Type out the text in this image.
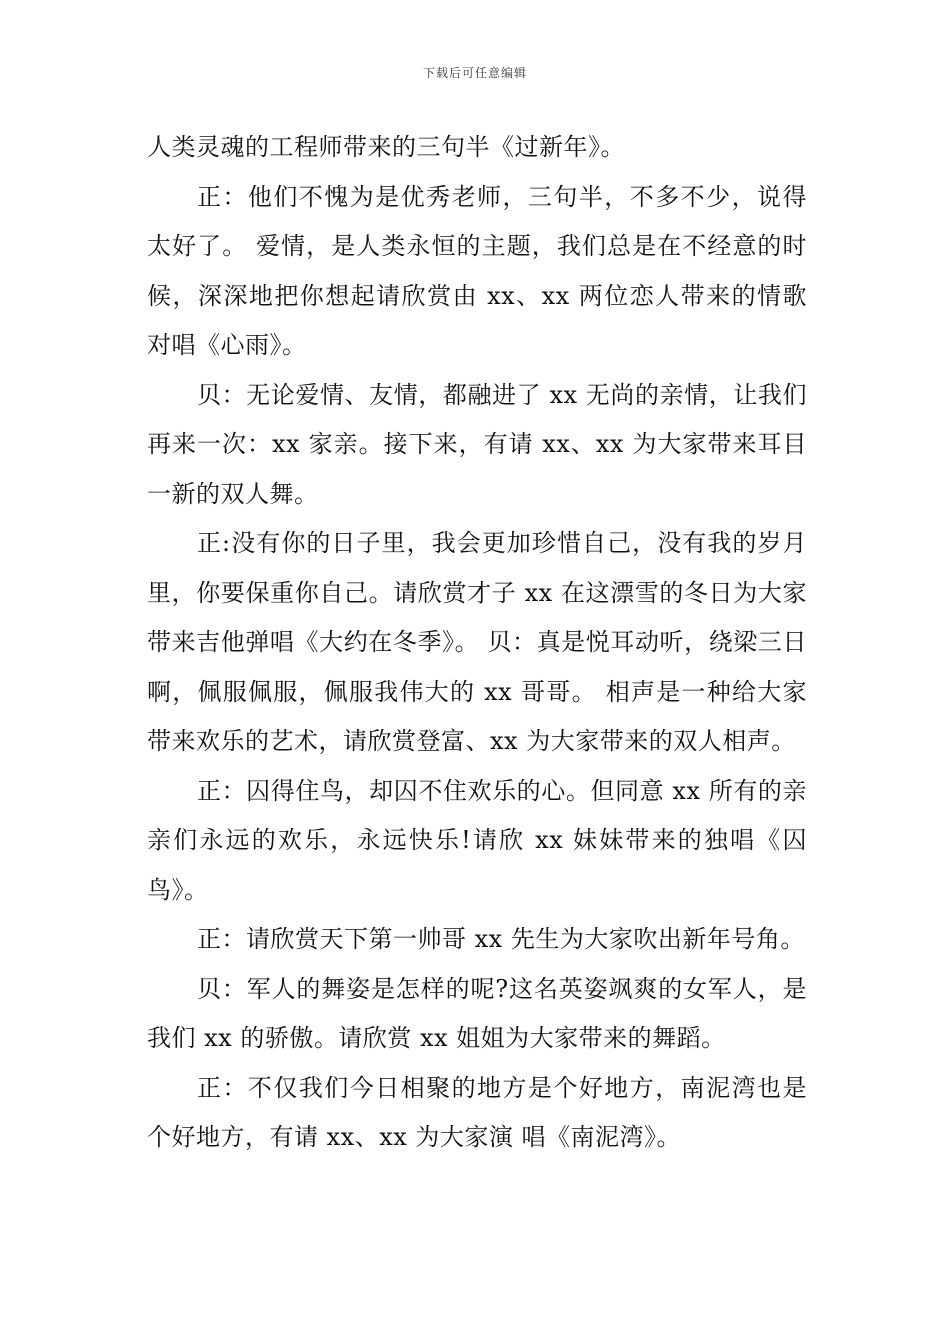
下载后可任意编辑

人类灵魂的工程师带来的三句半《过新年》。

正：他们不愧为是优秀老师，三句半，不多不少，说得太好了。 爱情，是人类永恒的主题，我们总是在不经意的时候，深深地把你想起请欣赏由 xx、xx 两位恋人带来的情歌对唱《心雨》。

贝：无论爱情、友情，都融进了 xx 无尚的亲情，让我们再来一次：xx 家亲。接下来，有请 xx、xx 为大家带来耳目一新的双人舞。

正:没有你的日子里，我会更加珍惜自己，没有我的岁月里，你要保重你自己。请欣赏才子 xx 在这漂雪的冬日为大家带来吉他弹唱《大约在冬季》。 贝：真是悦耳动听，绕梁三日啊，佩服佩服，佩服我伟大的 xx 哥哥。 相声是一种给大家带来欢乐的艺术，请欣赏登富、xx 为大家带来的双人相声。

正：囚得住鸟，却囚不住欢乐的心。但同意 xx 所有的亲亲们永远的欢乐，永远快乐!请欣 xx 妹妹带来的独唱《囚鸟》。

正：请欣赏天下第一帅哥 xx 先生为大家吹出新年号角。

贝：军人的舞姿是怎样的呢?这名英姿飒爽的女军人，是我们 xx 的骄傲。请欣赏 xx 姐姐为大家带来的舞蹈。

正：不仅我们今日相聚的地方是个好地方，南泥湾也是个好地方，有请 xx、xx 为大家演 唱《南泥湾》。
